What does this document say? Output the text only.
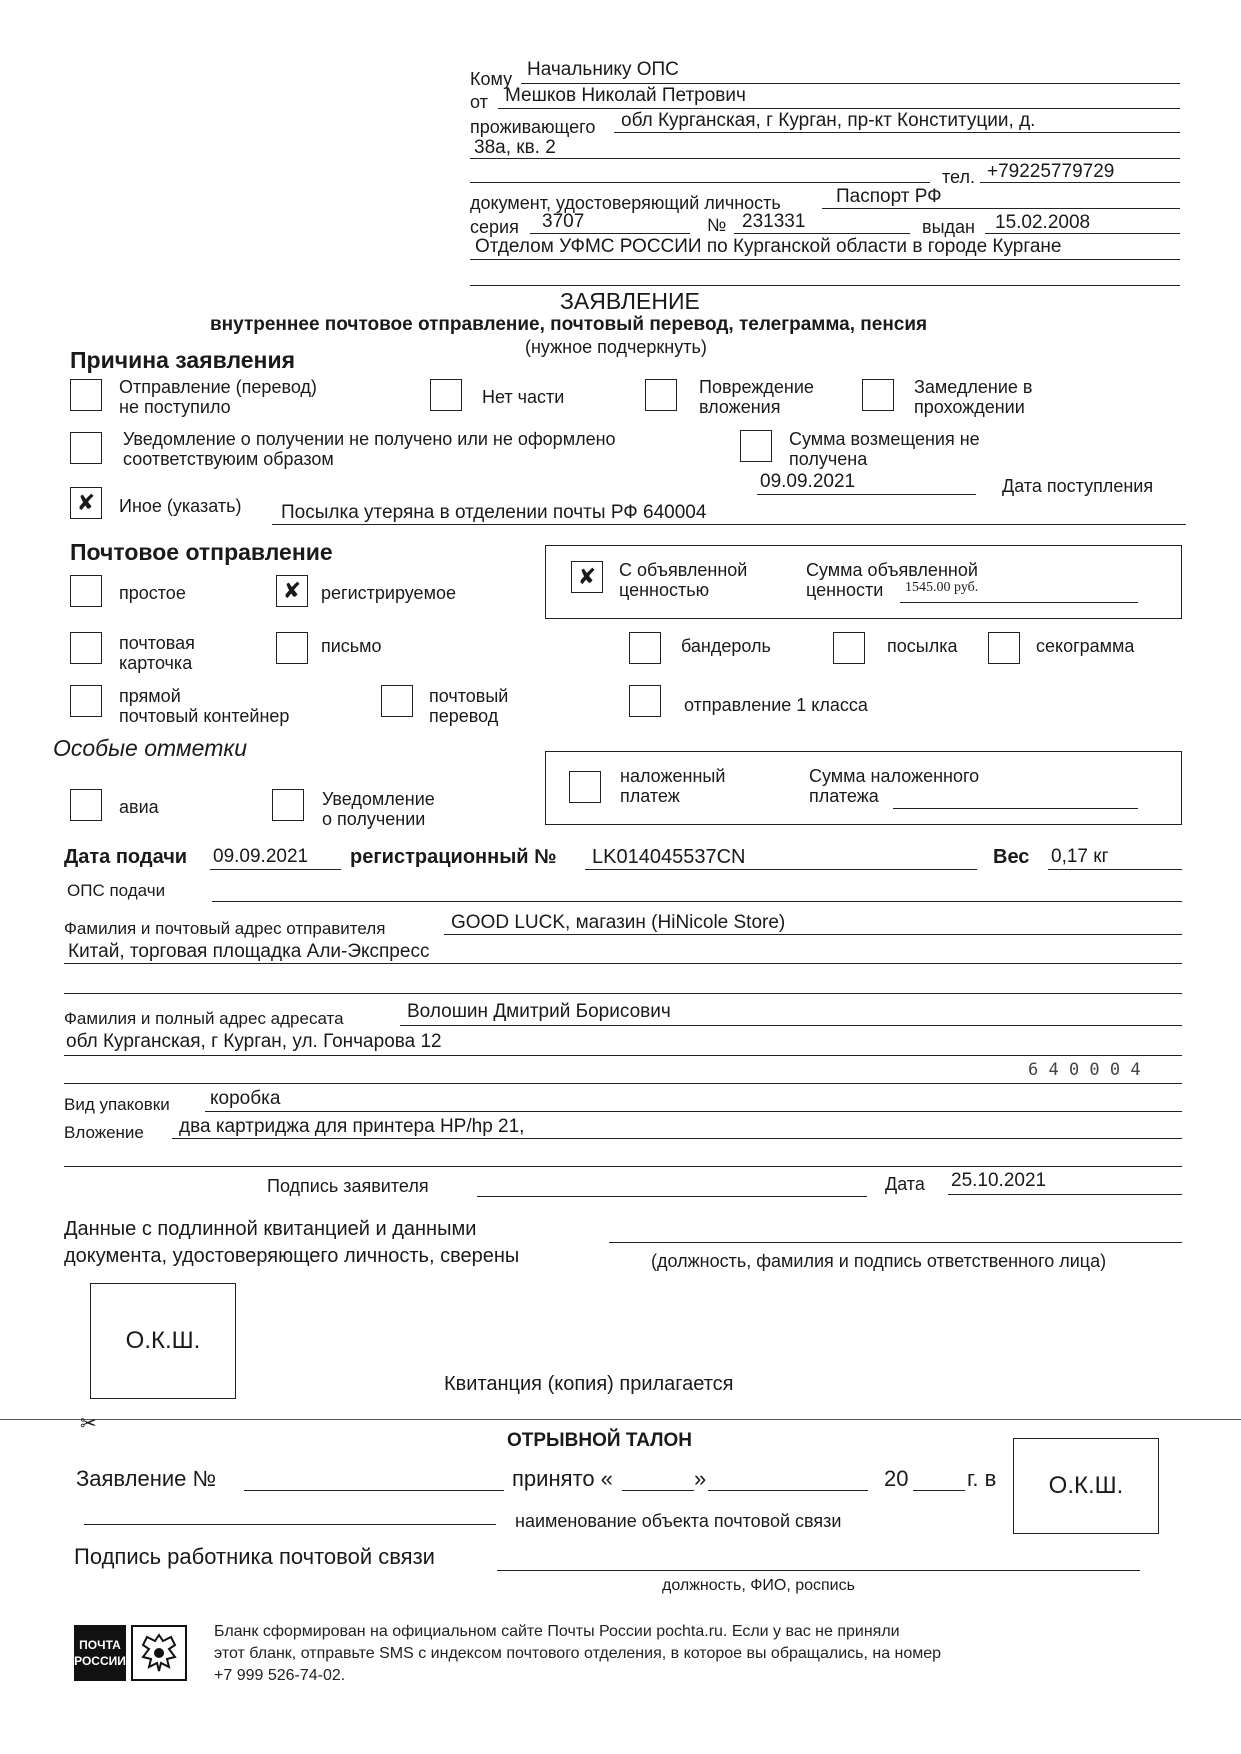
Кому Начальнику ОПС
от Мешков Николай Петрович
проживающего обл Курганская, г Курган, пр-кт Конституции, д.
38а, кв. 2
тел. +79225779729
документ, удостоверяющий личность	Паспорт РФ
серия 3707	№ 231331	выдан 15.02.2008
Отделом УФМС РОССИИ по Курганской области в городе Кургане
ЗАЯВЛЕНИЕ
внутреннее почтовое отправление, почтовый перевод, телеграмма, пенсия
(нужное подчеркнуть)
Причина заявления
Отправление (перевод)
не поступило	Нет части	Повреждение
вложения
Замедление в
прохождении
Уведомление о получении не получено или не оформлено
соответствуюим образом
Сумма возмещения не
получена
09.09.2021	Дата поступления
✘	Иное (указать) Посылка утеряна в отделении почты РФ 640004
Почтовое отправление
простое	✘	регистрируемое
✘	С объявленной
ценностью
Сумма объявленной
ценности 1545.00 руб.
почтовая
карточка
письмо	бандероль	посылка	секограмма
прямой
почтовый контейнер
почтовый
перевод
отправление 1 класса
Особые отметки
авиа	Уведомление
о получении
наложенный
платеж
Сумма наложенного
платежа
Дата подачи 09.09.2021 регистрационный № LK014045537CN	Вес 0,17 кг
ОПС подачи
Фамилия и почтовый адрес отправителя	GOOD LUCK, магазин (HiNicole Store)
Китай, торговая площадка Али-Экспресс
Фамилия и полный адрес адресата	Волошин Дмитрий Борисович
обл Курганская, г Курган, ул. Гончарова 12
6 4 0 0 0 4
Вид упаковки коробка
Вложение два картриджа для принтера HP/hp 21,
Подпись заявителя	Дата 25.10.2021
Данные с подлинной квитанцией и данными
документа, удостоверяющего личность, сверены	(должность, фамилия и подпись ответственного лица)
О.К.Ш.
Квитанция (копия) прилагается
✂
ОТРЫВНОЙ ТАЛОН
Заявление №	принято «	»	20	г. в	О.К.Ш.
наименование объекта почтовой связи
Подпись работника почтовой связи
должность, ФИО, роспись
ПОЧТА
РОССИИ
Бланк сформирован на официальном сайте Почты России pochta.ru. Если у вас не приняли
этот бланк, отправьте SMS с индексом почтового отделения, в которое вы обращались, на номер
+7 999 526-74-02.
